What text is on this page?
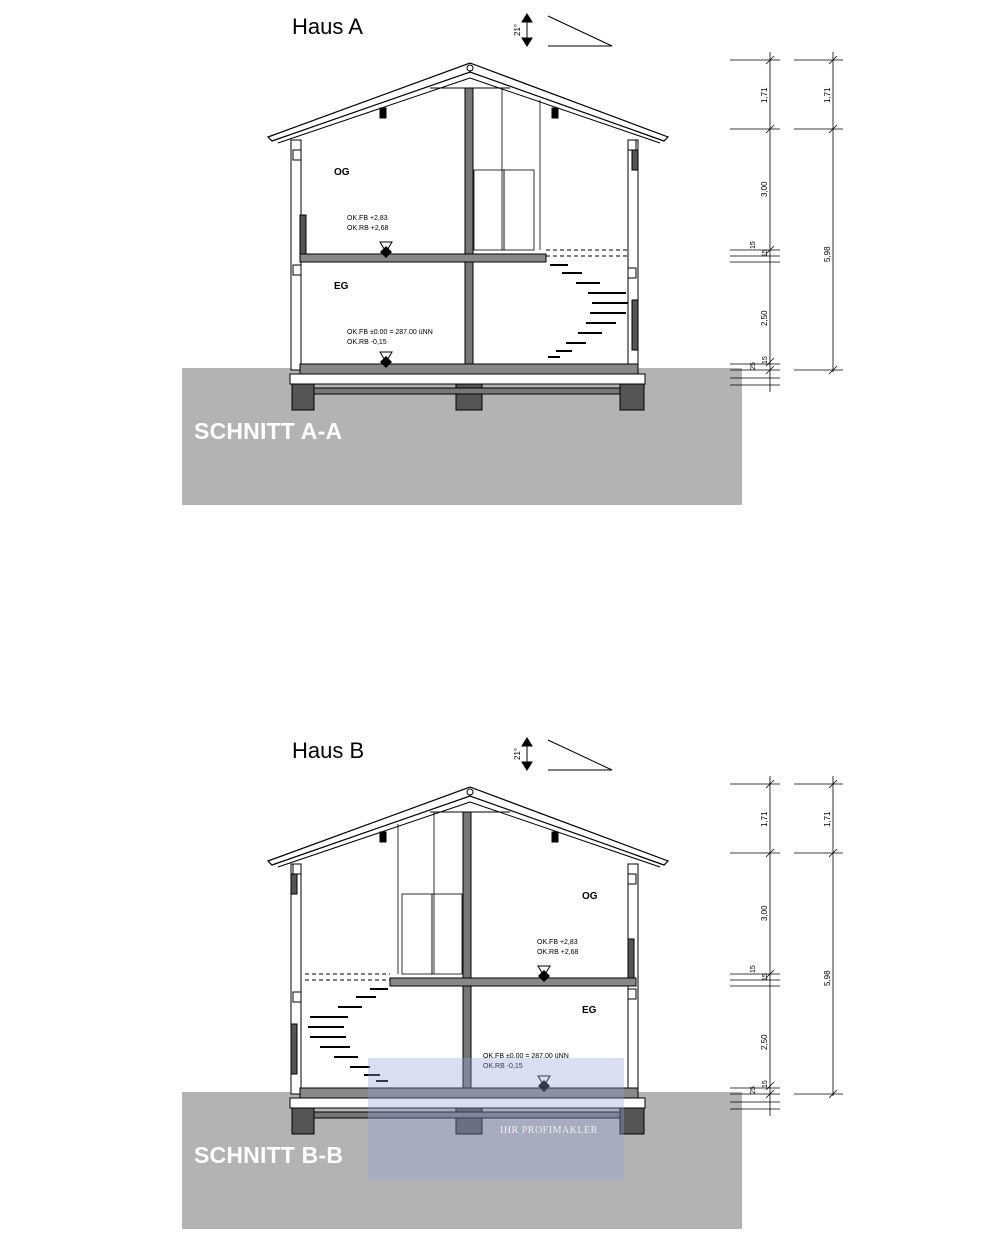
Haus A	21°
OG
EG
OK.FB +2,83
OK.RB +2,68
OK.FB ±0.00 = 287.00 üNN
OK.RB -0,15
1,71
3,00
15
15
2,50
25
15
1,71
5,98
SCHNITT A-A
Haus B	21°
OG
EG
OK.FB +2,83
OK.RB +2,68
OK.FB ±0.00 = 287.00 üNN
OK.RB -0,15
1,71
3,00
15
15
2,50
25
15
1,71
5,98
SCHNITT B-B
IHR PROFIMAKLER
